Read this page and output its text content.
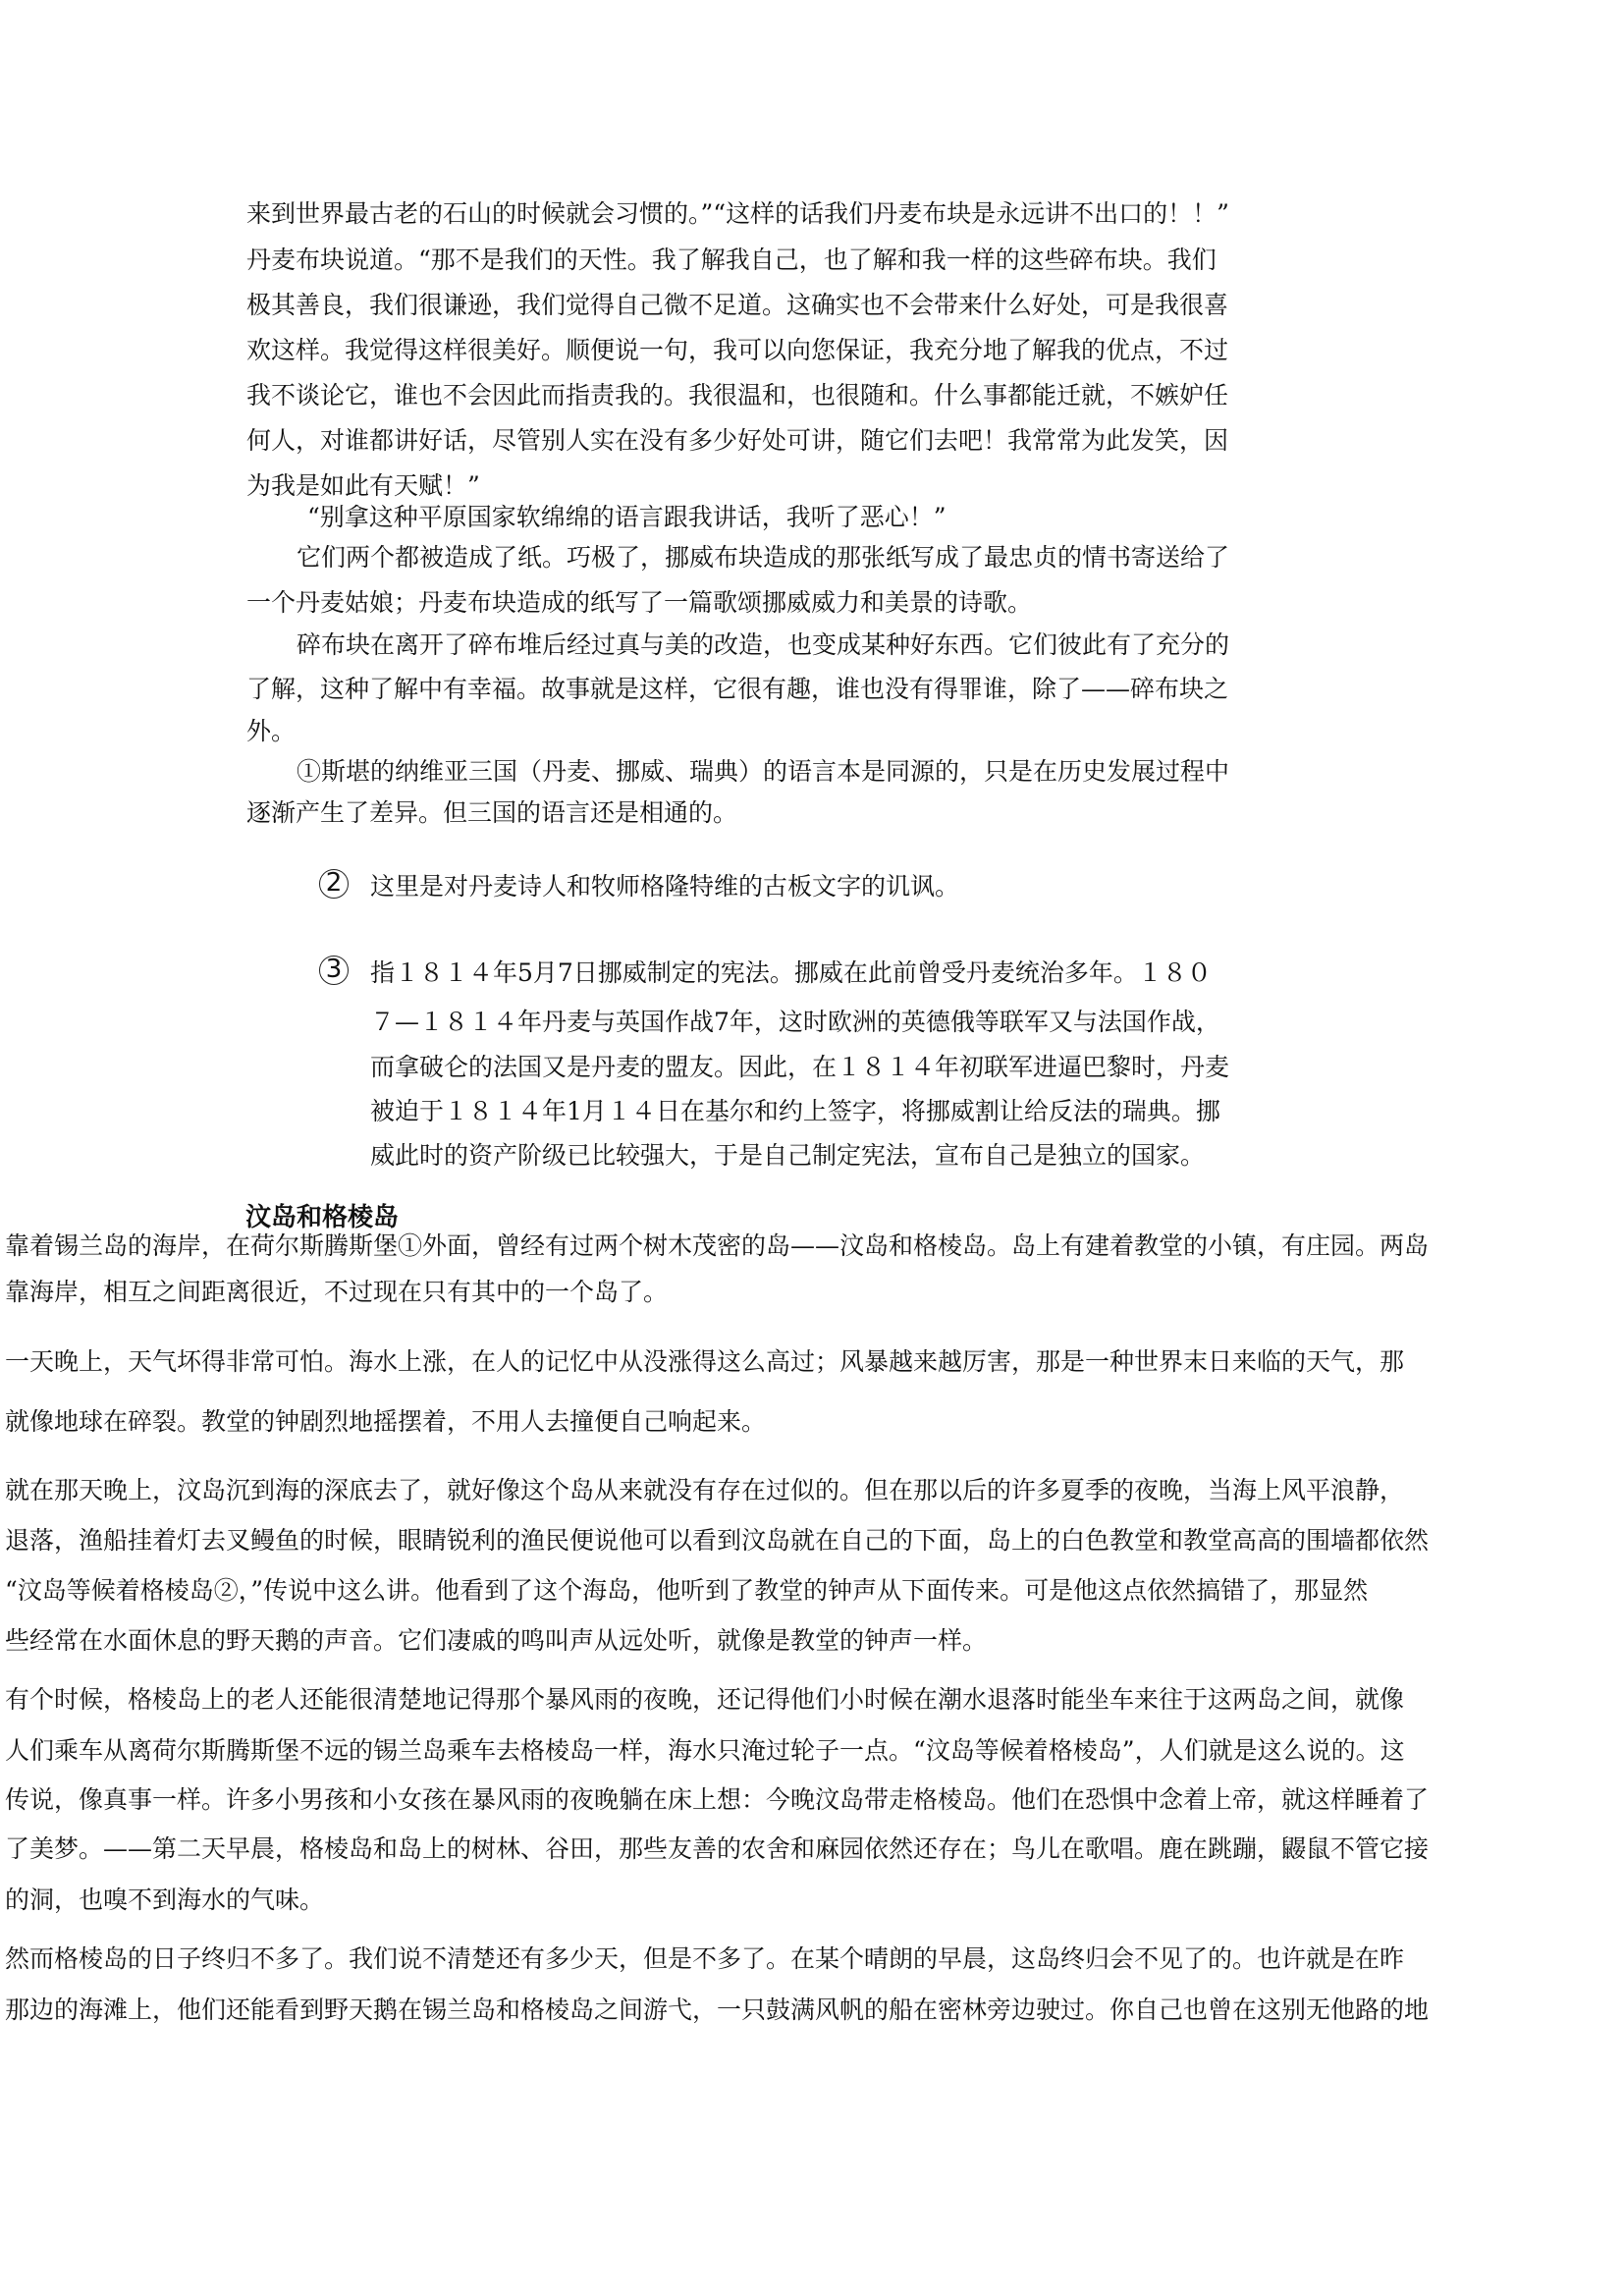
来到世界最古老的石山的时候就会习惯的。”“这样的话我们丹麦布块是永远讲不出口的！！”

丹麦布块说道。“那不是我们的天性。我了解我自己，也了解和我一样的这些碎布块。我们

极其善良，我们很谦逊，我们觉得自己微不足道。这确实也不会带来什么好处，可是我很喜

欢这样。我觉得这样很美好。顺便说一句，我可以向您保证，我充分地了解我的优点，不过

我不谈论它，谁也不会因此而指责我的。我很温和，也很随和。什么事都能迁就，不嫉妒任

何人，对谁都讲好话，尽管别人实在没有多少好处可讲，随它们去吧！我常常为此发笑，因

为我是如此有天赋！”

“别拿这种平原国家软绵绵的语言跟我讲话，我听了恶心！”

它们两个都被造成了纸。巧极了，挪威布块造成的那张纸写成了最忠贞的情书寄送给了

一个丹麦姑娘；丹麦布块造成的纸写了一篇歌颂挪威威力和美景的诗歌。

碎布块在离开了碎布堆后经过真与美的改造，也变成某种好东西。它们彼此有了充分的

了解，这种了解中有幸福。故事就是这样，它很有趣，谁也没有得罪谁，除了——碎布块之

外。

①斯堪的纳维亚三国（丹麦、挪威、瑞典）的语言本是同源的，只是在历史发展过程中

逐渐产生了差异。但三国的语言还是相通的。

2 这里是对丹麦诗人和牧师格隆特维的古板文字的讥讽。

3 指１８１４年5月7日挪威制定的宪法。挪威在此前曾受丹麦统治多年。１８０

７—１８１４年丹麦与英国作战7年，这时欧洲的英德俄等联军又与法国作战，

而拿破仑的法国又是丹麦的盟友。因此，在１８１４年初联军进逼巴黎时，丹麦

被迫于１８１４年1月１４日在基尔和约上签字，将挪威割让给反法的瑞典。挪

威此时的资产阶级已比较强大，于是自己制定宪法，宣布自己是独立的国家。

汶岛和格棱岛

靠着锡兰岛的海岸，在荷尔斯腾斯堡①外面，曾经有过两个树木茂密的岛——汶岛和格棱岛。岛上有建着教堂的小镇，有庄园。两岛

靠海岸，相互之间距离很近，不过现在只有其中的一个岛了。

一天晚上，天气坏得非常可怕。海水上涨，在人的记忆中从没涨得这么高过；风暴越来越厉害，那是一种世界末日来临的天气，那

就像地球在碎裂。教堂的钟剧烈地摇摆着，不用人去撞便自己响起来。

就在那天晚上，汶岛沉到海的深底去了，就好像这个岛从来就没有存在过似的。但在那以后的许多夏季的夜晚，当海上风平浪静，

退落，渔船挂着灯去叉鳗鱼的时候，眼睛锐利的渔民便说他可以看到汶岛就在自己的下面，岛上的白色教堂和教堂高高的围墙都依然

“汶岛等候着格棱岛②，”传说中这么讲。他看到了这个海岛，他听到了教堂的钟声从下面传来。可是他这点依然搞错了，那显然

些经常在水面休息的野天鹅的声音。它们凄戚的鸣叫声从远处听，就像是教堂的钟声一样。

有个时候，格棱岛上的老人还能很清楚地记得那个暴风雨的夜晚，还记得他们小时候在潮水退落时能坐车来往于这两岛之间，就像

人们乘车从离荷尔斯腾斯堡不远的锡兰岛乘车去格棱岛一样，海水只淹过轮子一点。“汶岛等候着格棱岛”，人们就是这么说的。这

传说，像真事一样。许多小男孩和小女孩在暴风雨的夜晚躺在床上想：今晚汶岛带走格棱岛。他们在恐惧中念着上帝，就这样睡着了

了美梦。——第二天早晨，格棱岛和岛上的树林、谷田，那些友善的农舍和麻园依然还存在；鸟儿在歌唱。鹿在跳蹦，鼹鼠不管它接

的洞，也嗅不到海水的气味。

然而格棱岛的日子终归不多了。我们说不清楚还有多少天，但是不多了。在某个晴朗的早晨，这岛终归会不见了的。也许就是在昨

那边的海滩上，他们还能看到野天鹅在锡兰岛和格棱岛之间游弋，一只鼓满风帆的船在密林旁边驶过。你自己也曾在这别无他路的地
